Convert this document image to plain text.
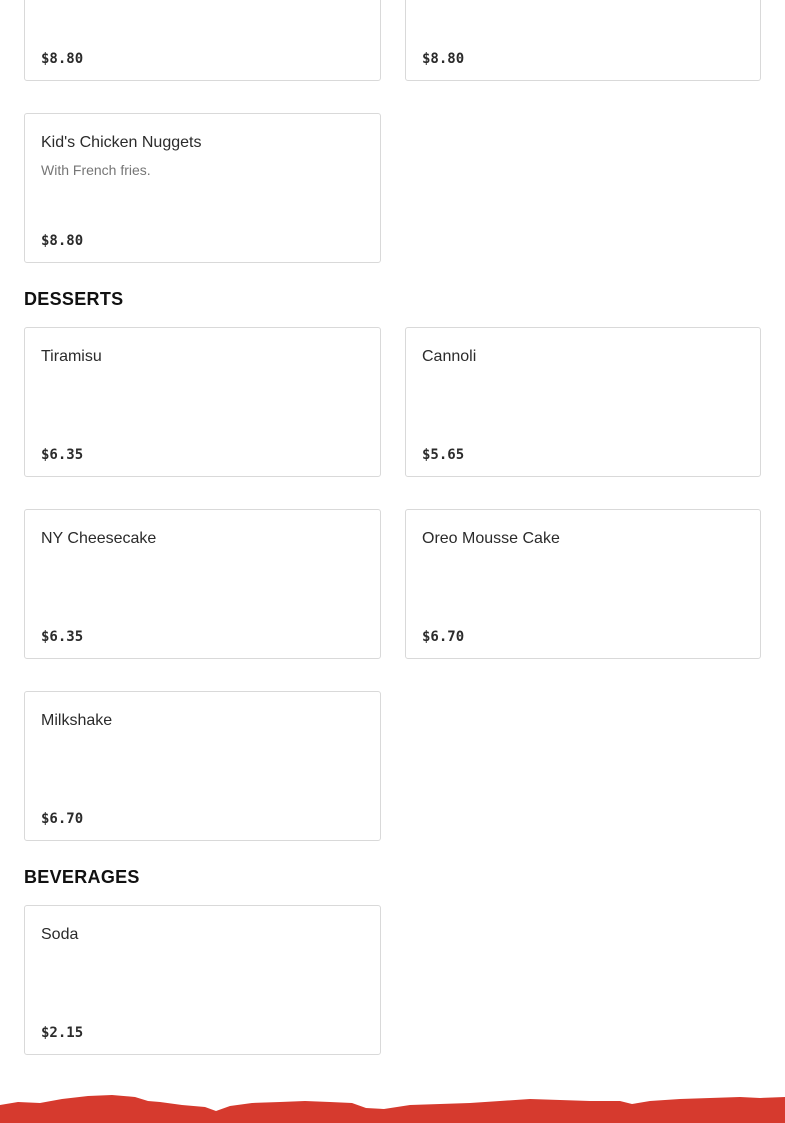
$8.80	$8.80
Kid's Chicken Nuggets
With French fries.
$8.80
DESSERTS
Tiramisu
$6.35
Cannoli
$5.65
NY Cheesecake
$6.35
Oreo Mousse Cake
$6.70
Milkshake
$6.70
BEVERAGES
Soda
$2.15
